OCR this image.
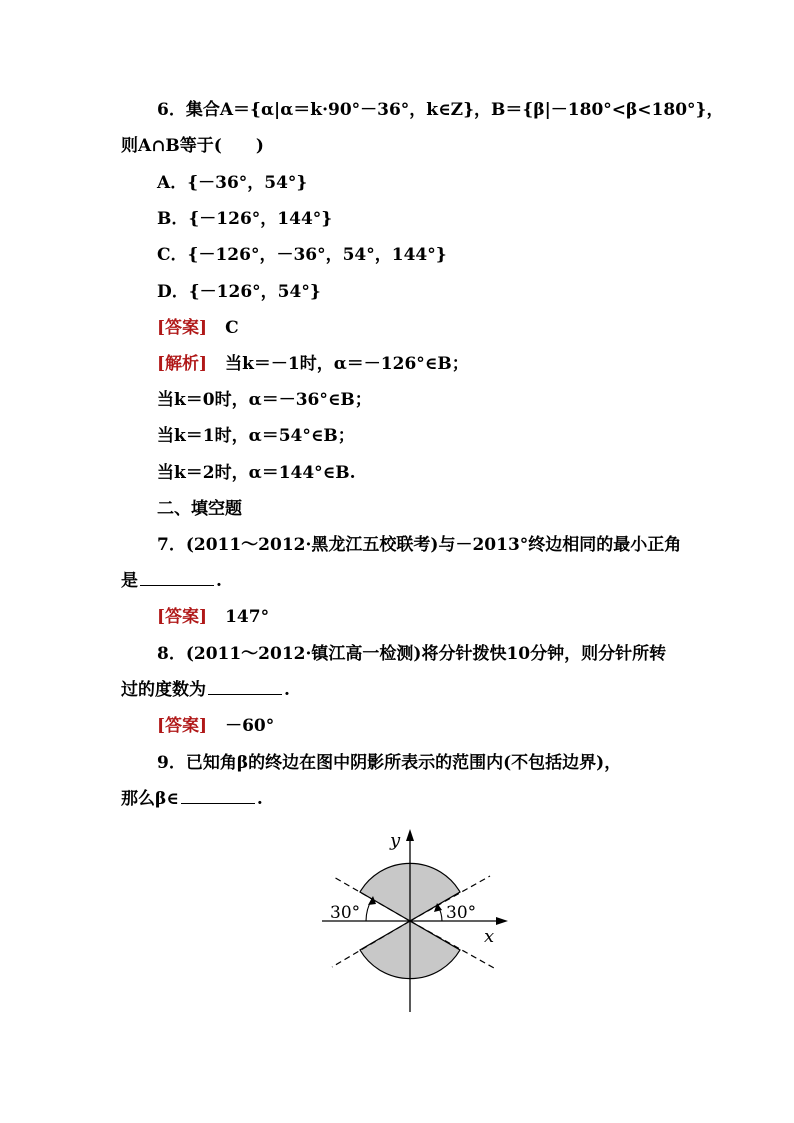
6．集合A＝{α|α＝k·90°－36°，k∈Z}，B＝{β|－180°<β<180°}，
则A∩B等于(　　)
A．{－36°，54°}
B．{－126°，144°}
C．{－126°，－36°，54°，144°}
D．{－126°，54°}
[答案] C
[解析] 当k＝－1时，α＝－126°∈B；
当k＝0时，α＝－36°∈B；
当k＝1时，α＝54°∈B；
当k＝2时，α＝144°∈B.
二、填空题
7．(2011～2012·黑龙江五校联考)与－2013°终边相同的最小正角
是	.
[答案] 147°
8．(2011～2012·镇江高一检测)将分针拨快10分钟，则分针所转
过的度数为	.
[答案] －60°
9．已知角β的终边在图中阴影所表示的范围内(不包括边界)，
那么β∈	.
y
x
30°	30°
